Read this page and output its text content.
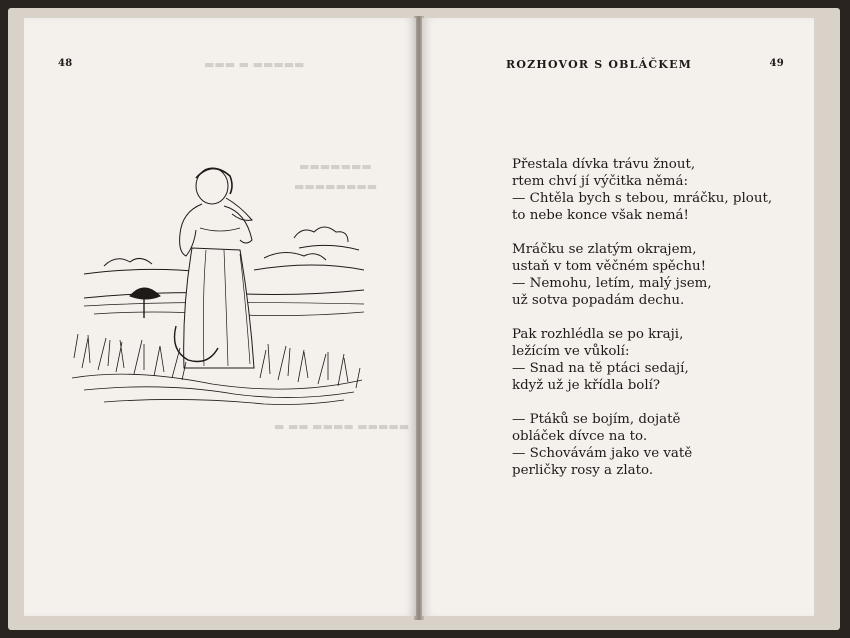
48	▬▬▬ ▬ ▬▬▬▬▬
▬▬▬▬▬▬▬
▬▬▬▬▬▬▬▬
▬ ▬▬ ▬▬▬▬ ▬▬▬▬▬
ROZHOVOR S OBLÁČKEM	49
Přestala dívka trávu žnout,
rtem chví jí výčitka němá:
— Chtěla bych s tebou, mráčku, plout,
to nebe konce však nemá!
Mráčku se zlatým okrajem,
ustaň v tom věčném spěchu!
— Nemohu, letím, malý jsem,
už sotva popadám dechu.
Pak rozhlédla se po kraji,
ležícím ve vůkolí:
— Snad na tě ptáci sedají,
když už je křídla bolí?
— Ptáků se bojím, dojatě
obláček dívce na to.
— Schovávám jako ve vatě
perličky rosy a zlato.
